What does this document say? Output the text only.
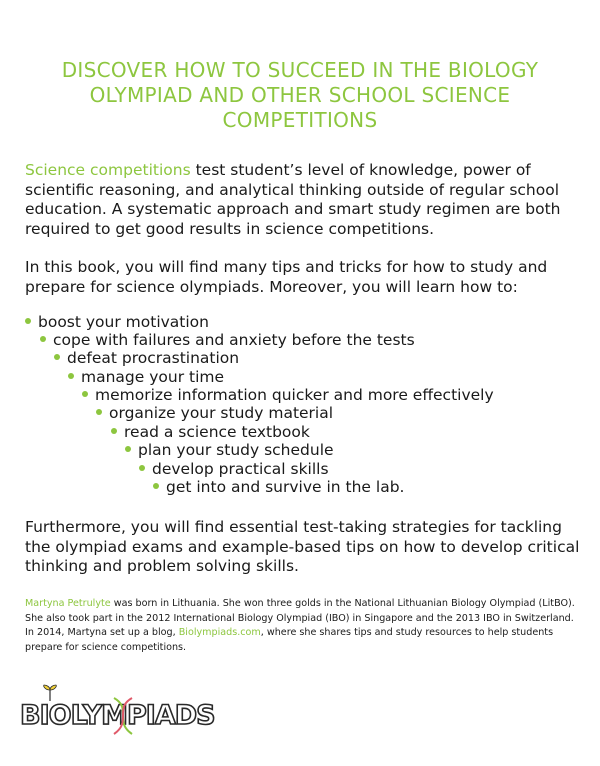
DISCOVER HOW TO SUCCEED IN THE BIOLOGY OLYMPIAD AND OTHER SCHOOL SCIENCE COMPETITIONS

Science competitions test student’s level of knowledge, power of scientific reasoning, and analytical thinking outside of regular school education. A systematic approach and smart study regimen are both required to get good results in science competitions.

In this book, you will find many tips and tricks for how to study and prepare for science olympiads. Moreover, you will learn how to:

boost your motivation
cope with failures and anxiety before the tests
defeat procrastination
manage your time
memorize information quicker and more effectively
organize your study material
read a science textbook
plan your study schedule
develop practical skills
get into and survive in the lab.

Furthermore, you will find essential test-taking strategies for tackling the olympiad exams and example-based tips on how to develop critical thinking and problem solving skills.

Martyna Petrulyte was born in Lithuania. She won three golds in the National Lithuanian Biology Olympiad (LitBO). She also took part in the 2012 International Biology Olympiad (IBO) in Singapore and the 2013 IBO in Switzerland. In 2014, Martyna set up a blog, Biolympiads.com, where she shares tips and study resources to help students prepare for science competitions.

BIOLYMPIADS
